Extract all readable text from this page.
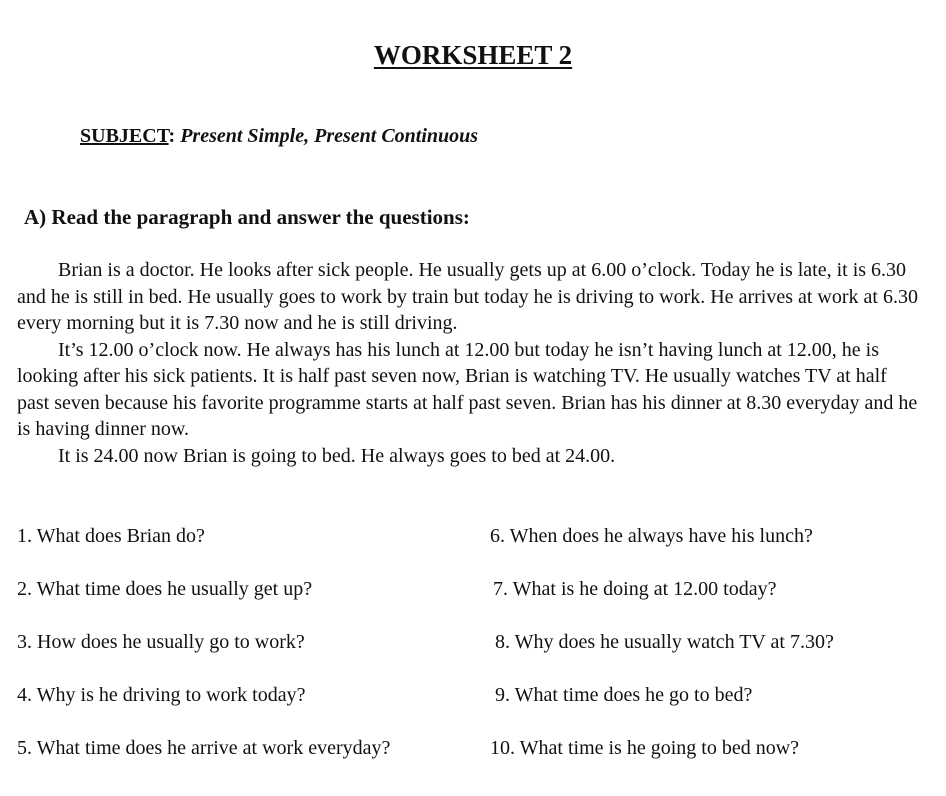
WORKSHEET 2
SUBJECT: Present Simple, Present Continuous
A) Read the paragraph and answer the questions:

Brian is a doctor. He looks after sick people. He usually gets up at 6.00 o’clock. Today he is late, it is 6.30 and he is still in bed. He usually goes to work by train but today he is driving to work. He arrives at work at 6.30 every morning but it is 7.30 now and he is still driving.

It’s 12.00 o’clock now. He always has his lunch at 12.00 but today he isn’t having lunch at 12.00, he is looking after his sick patients. It is half past seven now, Brian is watching TV. He usually watches TV at half past seven because his favorite programme starts at half past seven. Brian has his dinner at 8.30 everyday and he is having dinner now.

It is 24.00 now Brian is going to bed. He always goes to bed at 24.00.

1. What does Brian do?
2. What time does he usually get up?
3. How does he usually go to work?
4. Why is he driving to work today?
5. What time does he arrive at work everyday?
6. When does he always have his lunch?
7. What is he doing at 12.00 today?
8. Why does he usually watch TV at 7.30?
9. What time does he go to bed?
10. What time is he going to bed now?
